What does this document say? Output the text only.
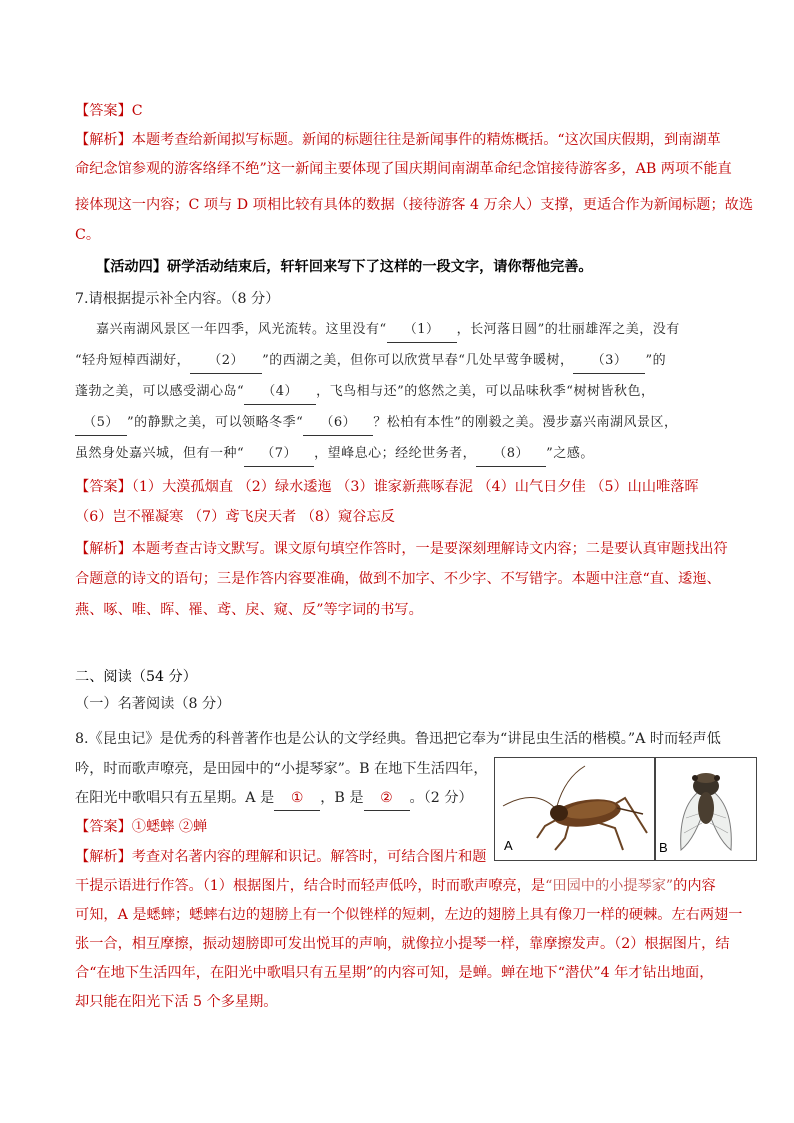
【答案】C
【解析】本题考查给新闻拟写标题。新闻的标题往往是新闻事件的精炼概括。“这次国庆假期，到南湖革
命纪念馆参观的游客络绎不绝”这一新闻主要体现了国庆期间南湖革命纪念馆接待游客多，AB 两项不能直
接体现这一内容；C 项与 D 项相比较有具体的数据（接待游客 4 万余人）支撑，更适合作为新闻标题；故选
C。
【活动四】研学活动结束后，轩轩回来写下了这样的一段文字，请你帮他完善。
7.请根据提示补全内容。（8 分）
嘉兴南湖风景区一年四季，风光流转。这里没有“ （1） ，长河落日圆”的壮丽雄浑之美，没有
“轻舟短棹西湖好， （2） ”的西湖之美，但你可以欣赏早春“几处早莺争暖树， （3） ”的
蓬勃之美，可以感受湖心岛“ （4） ，飞鸟相与还”的悠然之美，可以品味秋季“树树皆秋色，
（5） ”的静默之美，可以领略冬季“ （6） ？松柏有本性”的刚毅之美。漫步嘉兴南湖风景区，
虽然身处嘉兴城，但有一种“ （7） ，望峰息心；经纶世务者， （8） ”之感。
【答案】（1）大漠孤烟直 （2）绿水逶迤 （3）谁家新燕啄春泥 （4）山气日夕佳 （5）山山唯落晖
（6）岂不罹凝寒 （7）鸢飞戾天者 （8）窥谷忘反
【解析】本题考查古诗文默写。课文原句填空作答时，一是要深刻理解诗文内容；二是要认真审题找出符
合题意的诗文的语句；三是作答内容要准确，做到不加字、不少字、不写错字。本题中注意“直、逶迤、
燕、啄、唯、晖、罹、鸢、戾、窥、反”等字词的书写。
二、阅读（54 分）
（一）名著阅读（8 分）
8.《昆虫记》是优秀的科普著作也是公认的文学经典。鲁迅把它奉为“讲昆虫生活的楷模。”A 时而轻声低
吟，时而歌声嘹亮，是田园中的“小提琴家”。B 在地下生活四年，
在阳光中歌唱只有五星期。A 是 ① ，B 是 ② 。（2 分）
【答案】①蟋蟀 ②蝉
【解析】考查对名著内容的理解和识记。解答时，可结合图片和题
干提示语进行作答。（1）根据图片，结合时而轻声低吟，时而歌声嘹亮，是“田园中的小提琴家”的内容
可知，A 是蟋蟀；蟋蟀右边的翅膀上有一个似锉样的短刺，左边的翅膀上具有像刀一样的硬棘。左右两翅一
张一合，相互摩擦，振动翅膀即可发出悦耳的声响，就像拉小提琴一样，靠摩擦发声。（2）根据图片，结
合“在地下生活四年，在阳光中歌唱只有五星期”的内容可知，是蝉。蝉在地下“潜伏”4 年才钻出地面，
却只能在阳光下活 5 个多星期。
A	B
